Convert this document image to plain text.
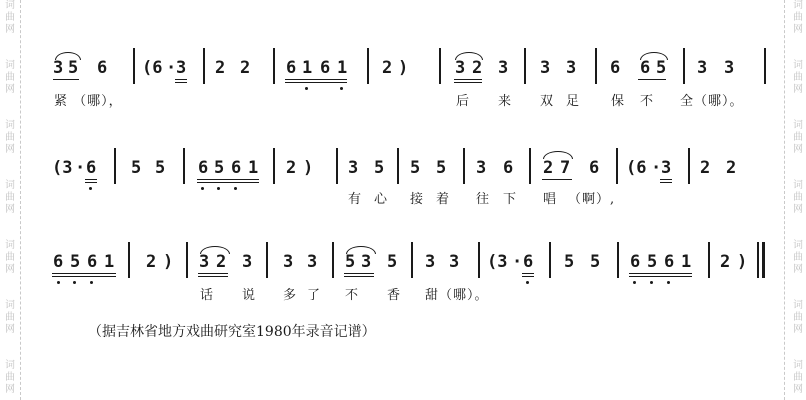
词
曲
网
词
曲
网
词
曲
网
词
曲
网
词
曲
网
词
曲
网
词
曲
网
词
曲
网
词
曲
网
词
曲
网
词
曲
网
词
曲
网
词
曲
网
词
曲
网
3 5 6 (6 · 3 2 2 6 1 6 1 2 )	3 2 3 3 3 6 6 5 3 3
紧 （哪），	后 来 双 足 保 不 全（哪）。
(3 · 6 5 5 6 5 6 1 2 ) 3 5 5 5 3 6 2 7 6 (6 · 3 2 2
有 心 接 着 往 下 唱 （啊）,
6 5 6 1 2 ) 3 2 3 3 3 5 3 5 3 3 (3 · 6 5 5 6 5 6 1 2 )
话 说 多 了 不 香 甜（哪）。
（据吉林省地方戏曲研究室1980年录音记谱）
